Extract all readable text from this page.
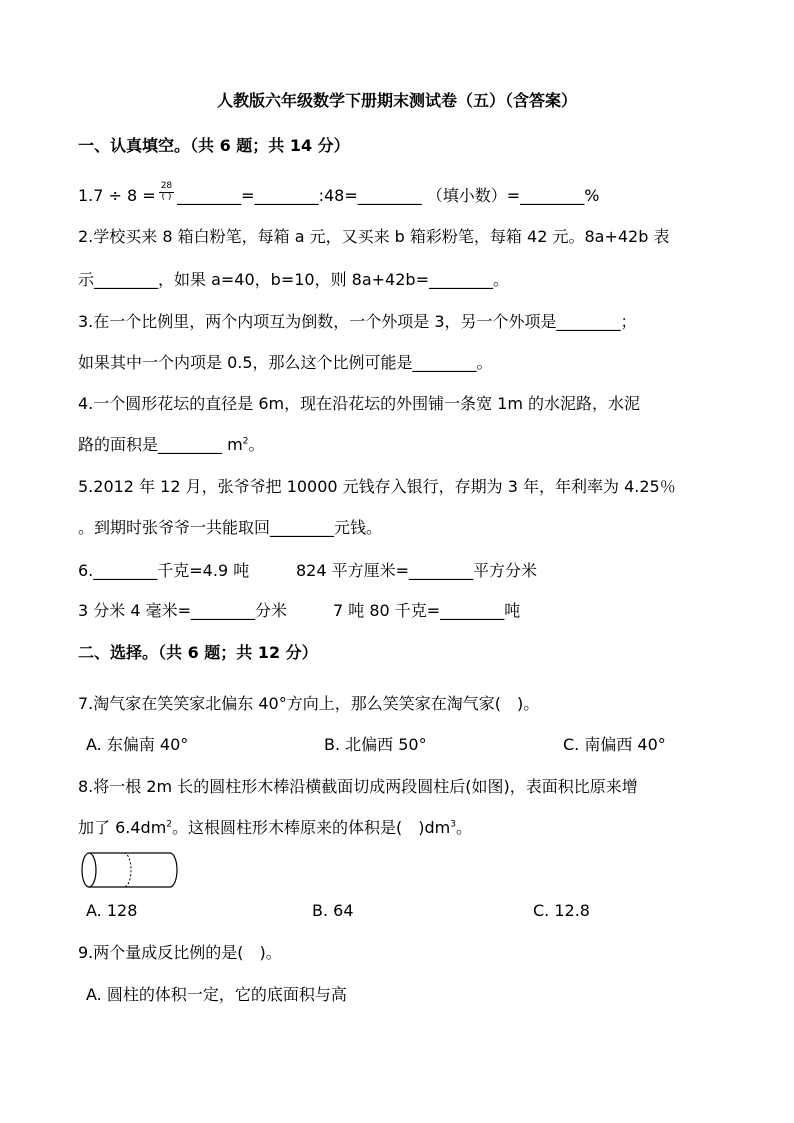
人教版六年级数学下册期末测试卷（五）（含答案）
一、认真填空。（共 6 题；共 14 分）
$1.7 \div 8 = \frac{28}{( )}$ ________=________:48=________ （填小数）=________%
2.学校买来 8 箱白粉笔，每箱 a 元，又买来 b 箱彩粉笔，每箱 42 元。8a+42b 表
示________，如果 a=40，b=10，则 8a+42b=________。
3.在一个比例里，两个内项互为倒数，一个外项是 3，另一个外项是________；
如果其中一个内项是 0.5，那么这个比例可能是________。
4.一个圆形花坛的直径是 6m，现在沿花坛的外围铺一条宽 1m 的水泥路，水泥
路的面积是________ $m^2$。
5.2012 年 12 月，张爷爷把 10000 元钱存入银行，存期为 3 年，年利率为 4.25％
。到期时张爷爷一共能取回________元钱。
6.________千克=4.9 吨	824 平方厘米=________平方分米
3 分米 4 毫米=________分米	7 吨 80 千克=________吨
二、选择。（共 6 题；共 12 分）
7.淘气家在笑笑家北偏东 40°方向上，那么笑笑家在淘气家(　)。
A. 东偏南 40°	B. 北偏西 50°	C. 南偏西 40°
8.将一根 2m 长的圆柱形木棒沿横截面切成两段圆柱后(如图)，表面积比原来增
加了 $6.4dm^2$。这根圆柱形木棒原来的体积是(　)$dm^3$。
A. 128	B. 64	C. 12.8
9.两个量成反比例的是(　)。
A. 圆柱的体积一定，它的底面积与高
